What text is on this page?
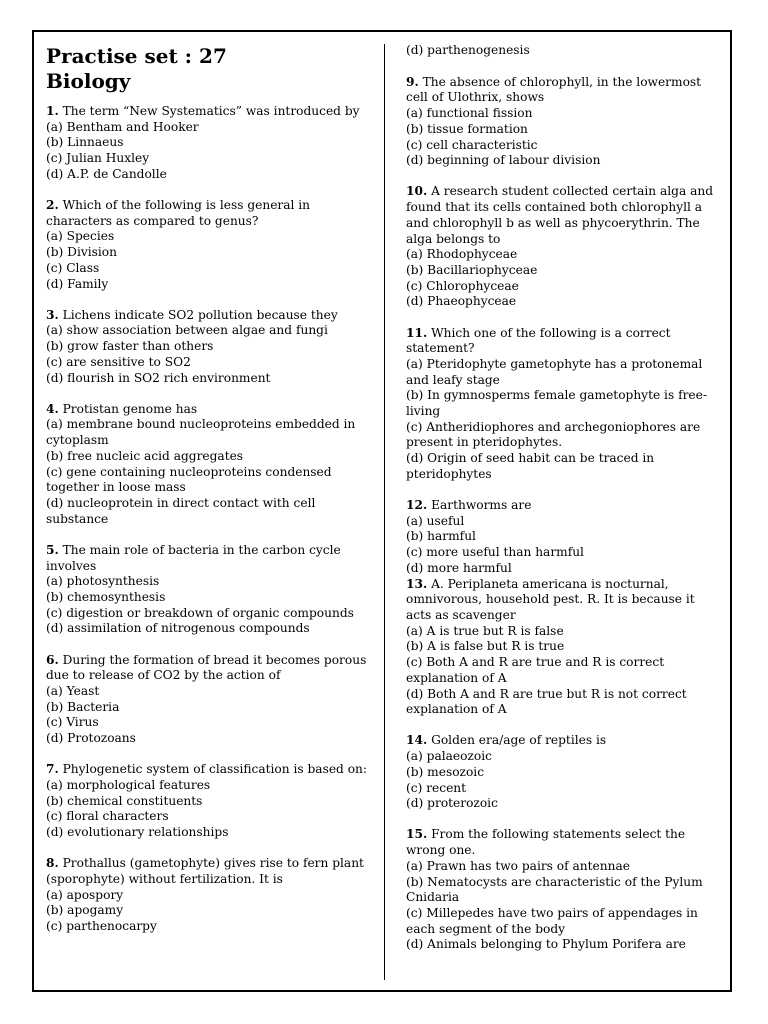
Practise set : 27
Biology
1. The term “New Systematics” was introduced by
(a) Bentham and Hooker
(b) Linnaeus
(c) Julian Huxley
(d) A.P. de Candolle
2. Which of the following is less general in characters as compared to genus?
(a) Species
(b) Division
(c) Class
(d) Family
3. Lichens indicate SO2 pollution because they
(a) show association between algae and fungi
(b) grow faster than others
(c) are sensitive to SO2
(d) flourish in SO2 rich environment
4. Protistan genome has
(a) membrane bound nucleoproteins embedded in cytoplasm
(b) free nucleic acid aggregates
(c) gene containing nucleoproteins condensed together in loose mass
(d) nucleoprotein in direct contact with cell substance
5. The main role of bacteria in the carbon cycle involves
(a) photosynthesis
(b) chemosynthesis
(c) digestion or breakdown of organic compounds
(d) assimilation of nitrogenous compounds
6. During the formation of bread it becomes porous due to release of CO2 by the action of
(a) Yeast
(b) Bacteria
(c) Virus
(d) Protozoans
7. Phylogenetic system of classification is based on:
(a) morphological features
(b) chemical constituents
(c) floral characters
(d) evolutionary relationships
8. Prothallus (gametophyte) gives rise to fern plant (sporophyte) without fertilization. It is
(a) apospory
(b) apogamy
(c) parthenocarpy
(d) parthenogenesis
9. The absence of chlorophyll, in the lowermost cell of Ulothrix, shows
(a) functional fission
(b) tissue formation
(c) cell characteristic
(d) beginning of labour division
10. A research student collected certain alga and found that its cells contained both chlorophyll a and chlorophyll b as well as phycoerythrin. The alga belongs to
(a) Rhodophyceae
(b) Bacillariophyceae
(c) Chlorophyceae
(d) Phaeophyceae
11. Which one of the following is a correct statement?
(a) Pteridophyte gametophyte has a protonemal and leafy stage
(b) In gymnosperms female gametophyte is free-living
(c) Antheridiophores and archegoniophores are present in pteridophytes.
(d) Origin of seed habit can be traced in pteridophytes
12. Earthworms are
(a) useful
(b) harmful
(c) more useful than harmful
(d) more harmful
13. A. Periplaneta americana is nocturnal, omnivorous, household pest. R. It is because it acts as scavenger
(a) A is true but R is false
(b) A is false but R is true
(c) Both A and R are true and R is correct explanation of A
(d) Both A and R are true but R is not correct explanation of A
14. Golden era/age of reptiles is
(a) palaeozoic
(b) mesozoic
(c) recent
(d) proterozoic
15. From the following statements select the wrong one.
(a) Prawn has two pairs of antennae
(b) Nematocysts are characteristic of the Pylum Cnidaria
(c) Millepedes have two pairs of appendages in each segment of the body
(d) Animals belonging to Phylum Porifera are
